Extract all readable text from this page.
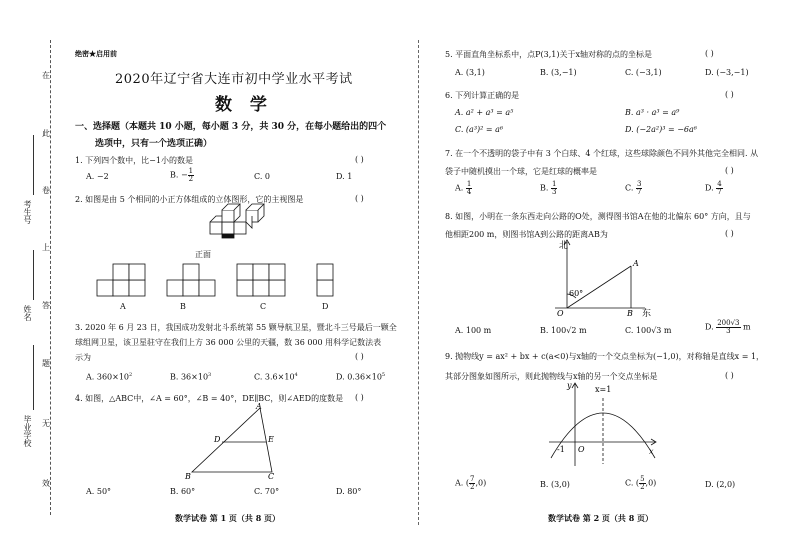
在
此
卷
上
答
题
无
效
考生号
姓名
毕业学校
绝密★启用前
2020年辽宁省大连市初中学业水平考试
数 学
一、选择题（本题共 10 小题，每小题 3 分，共 30 分，在每小题给出的四个
选项中，只有一个选项正确）
1. 下列四个数中，比−1小的数是	( )
A. −2	B. − $\frac{1}{2}$	C. 0	D. 1
2. 如图是由 5 个相同的小正方体组成的立体图形，它的主视图是	( )
正面
A	B	C	D
3. 2020 年 6 月 23 日，我国成功发射北斗系统第 55 颗导航卫星，暨北斗三号最后一颗全
球组网卫星，该卫星驻守在我们上方 36 000 公里的天疆，数 36 000 用科学记数法表
示为	( )
A. $360\times 10^2$	B. $36\times 10^3$	C. $3.6\times 10^4$	D. $0.36\times 10^5$
4. 如图，△ABC中，∠A = 60°，∠B = 40°，DE∥BC，则∠AED的度数是 ( )
A
B	C
D	E
A. 50°	B. 60°	C. 70°	D. 80°
数学试卷 第 1 页（共 8 页）
5. 平面直角坐标系中，点P(3,1)关于x轴对称的点的坐标是	( )
A. (3,1)	B. (3,−1)	C. (−3,1)	D. (−3,−1)
6. 下列计算正确的是	( )
A. a² + a³ = a⁵	B. a³ · a³ = a⁹
C. (a³)² = a⁶	D. (−2a²)³ = −6a⁶
7. 在一个不透明的袋子中有 3 个白球、4 个红球，这些球除颜色不同外其他完全相同. 从
袋子中随机摸出一个球，它是红球的概率是	( )
A. $\frac{1}{4}$	B. $\frac{1}{3}$	C. $\frac{3}{7}$	D. $\frac{4}{7}$
8. 如图，小明在一条东西走向公路的O处，测得图书馆A在他的北偏东 60° 方向，且与
他相距200 m，则图书馆A到公路的距离AB为	( )
北
东
A
B
O
60°
A. 100 m	B. 100√2 m	C. 100√3 m	D. $\frac{200√3}{3}$ m
9. 抛物线y = ax² + bx + c(a<0)与x轴的一个交点坐标为(−1,0)，对称轴是直线x = 1，
其部分图象如图所示，则此抛物线与x轴的另一个交点坐标是	( )
y
x
x=1
-1 O
A. ( $\frac{7}{2} ,0$)	B. (3,0)	C. ( $\frac{5}{2} ,0$)	D. (2,0)
数学试卷 第 2 页（共 8 页）
